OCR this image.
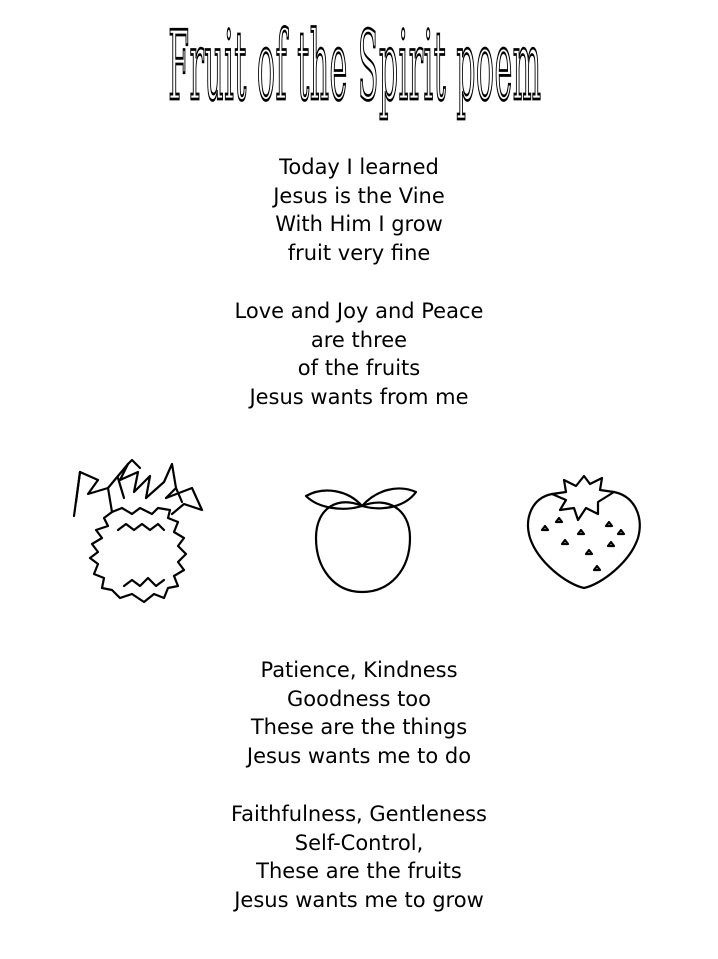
Fruit of the Spirit poem
Today I learned
Jesus is the Vine
With Him I grow
fruit very fine
Love and Joy and Peace
are three
of the fruits
Jesus wants from me
Patience, Kindness
Goodness too
These are the things
Jesus wants me to do
Faithfulness, Gentleness
Self-Control,
These are the fruits
Jesus wants me to grow
